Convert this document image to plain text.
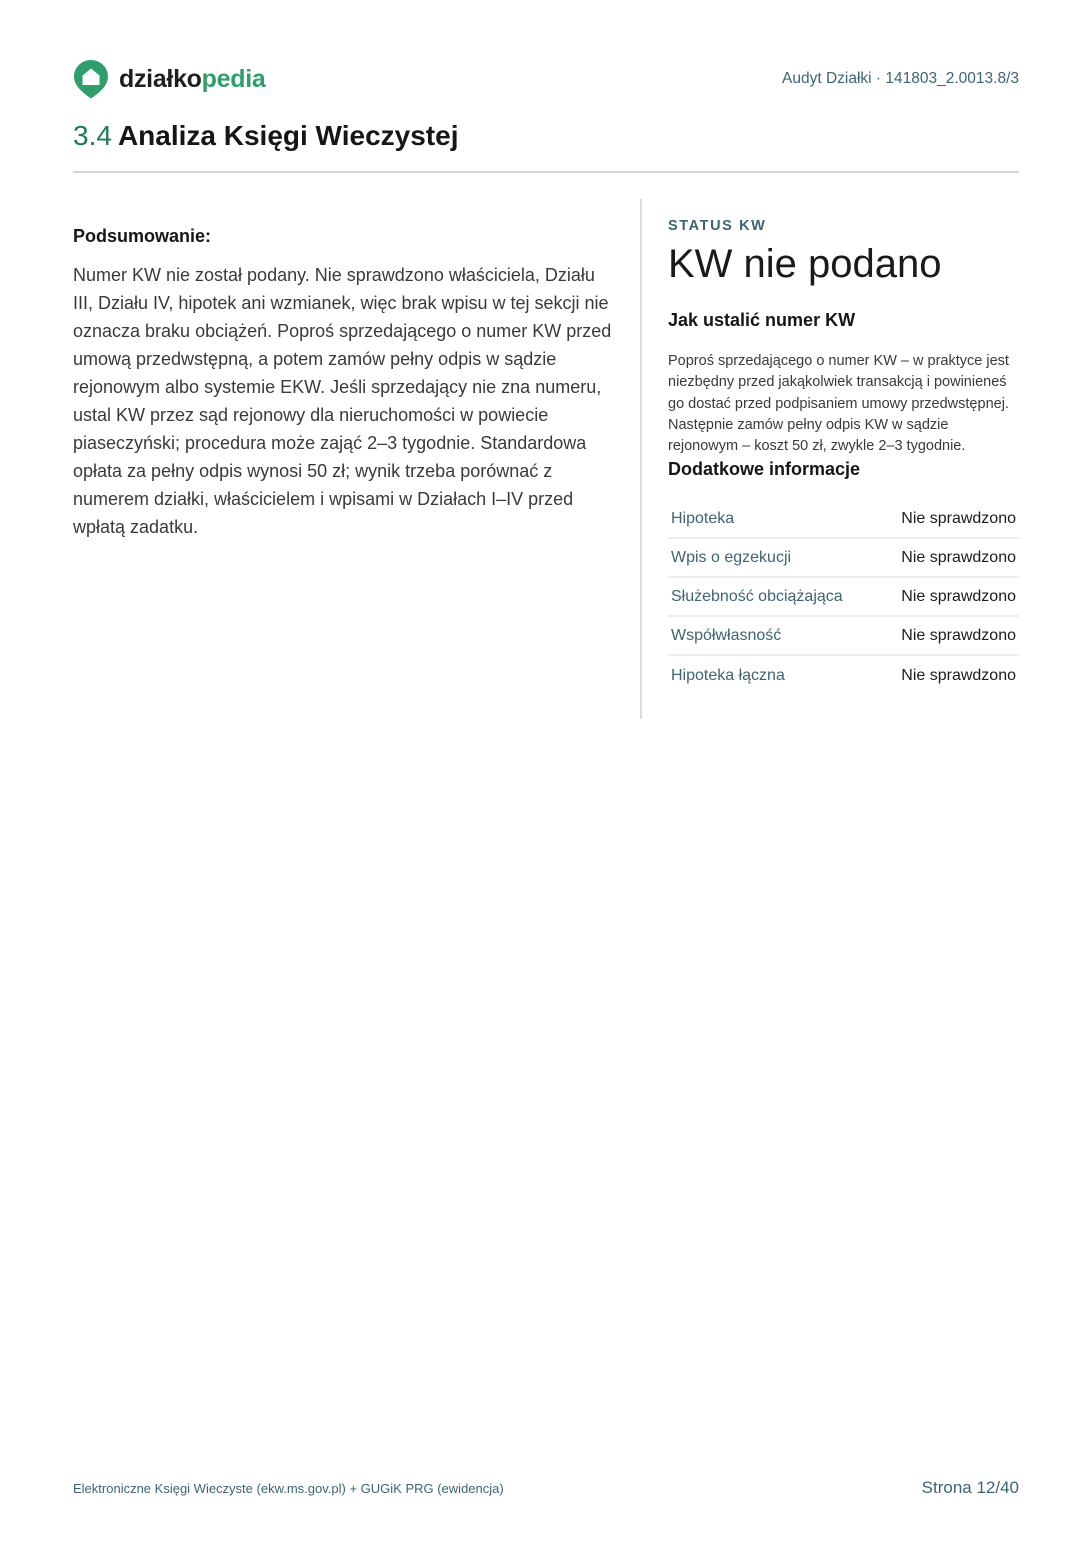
działkopedia	Audyt Działki · 141803_2.0013.8/3
3.4 Analiza Księgi Wieczystej
Podsumowanie:

Numer KW nie został podany. Nie sprawdzono właściciela, Działu III, Działu IV, hipotek ani wzmianek, więc brak wpisu w tej sekcji nie oznacza braku obciążeń. Poproś sprzedającego o numer KW przed umową przedwstępną, a potem zamów pełny odpis w sądzie rejonowym albo systemie EKW. Jeśli sprzedający nie zna numeru, ustal KW przez sąd rejonowy dla nieruchomości w powiecie piaseczyński; procedura może zająć 2–3 tygodnie. Standardowa opłata za pełny odpis wynosi 50 zł; wynik trzeba porównać z numerem działki, właścicielem i wpisami w Działach I–IV przed wpłatą zadatku.

STATUS KW
KW nie podano
Jak ustalić numer KW

Poproś sprzedającego o numer KW – w praktyce jest niezbędny przed jakąkolwiek transakcją i powinieneś go dostać przed podpisaniem umowy przedwstępnej. Następnie zamów pełny odpis KW w sądzie rejonowym – koszt 50 zł, zwykle 2–3 tygodnie.

Dodatkowe informacje
Hipoteka	Nie sprawdzono
Wpis o egzekucji	Nie sprawdzono
Służebność obciążająca	Nie sprawdzono
Współwłasność	Nie sprawdzono
Hipoteka łączna	Nie sprawdzono
Elektroniczne Księgi Wieczyste (ekw.ms.gov.pl) + GUGiK PRG (ewidencja)	Strona 12/40
